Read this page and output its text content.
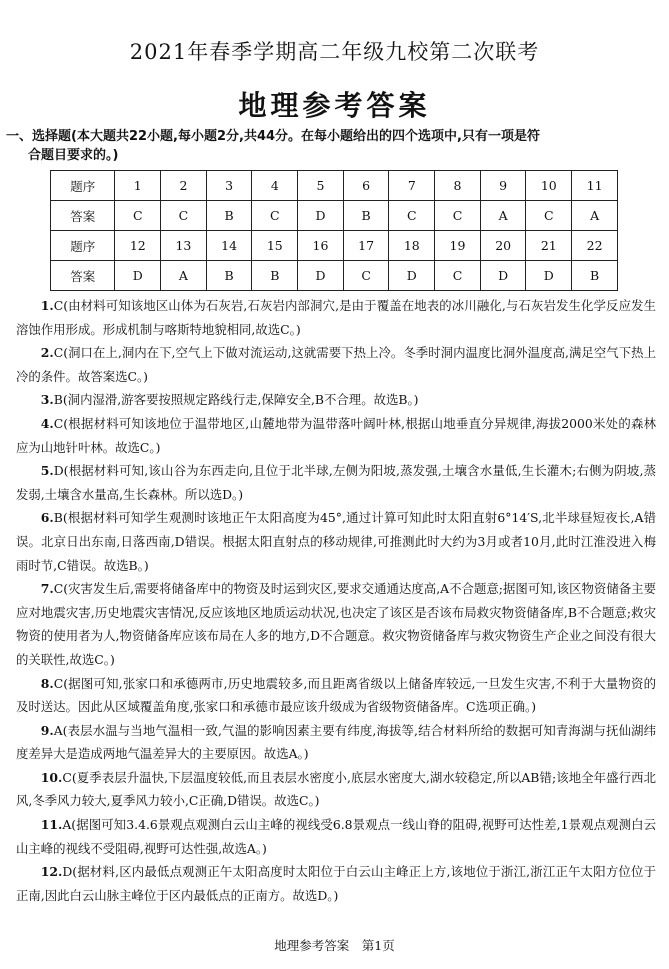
2021年春季学期高二年级九校第二次联考
地理参考答案
一、选择题(本大题共22小题,每小题2分,共44分。在每小题给出的四个选项中,只有一项是符
合题目要求的。)
题序	1	2	3	4	5	6	7	8	9	10	11
答案	C	C	B	C	D	B	C	C	A	C	A
题序	12	13	14	15	16	17	18	19	20	21	22
答案	D	A	B	B	D	C	D	C	D	D	B

1.C(由材料可知该地区山体为石灰岩,石灰岩内部洞穴,是由于覆盖在地表的冰川融化,与石灰岩发生化学反应发生溶蚀作用形成。形成机制与喀斯特地貌相同,故选C。)

2.C(洞口在上,洞内在下,空气上下做对流运动,这就需要下热上冷。冬季时洞内温度比洞外温度高,满足空气下热上冷的条件。故答案选C。)

3.B(洞内湿滑,游客要按照规定路线行走,保障安全,B不合理。故选B。)

4.C(根据材料可知该地位于温带地区,山麓地带为温带落叶阔叶林,根据山地垂直分异规律,海拔2000米处的森林应为山地针叶林。故选C。)

5.D(根据材料可知,该山谷为东西走向,且位于北半球,左侧为阳坡,蒸发强,土壤含水量低,生长灌木;右侧为阴坡,蒸发弱,土壤含水量高,生长森林。所以选D。)

6.B(根据材料可知学生观测时该地正午太阳高度为45°,通过计算可知此时太阳直射6°14′S,北半球昼短夜长,A错误。北京日出东南,日落西南,D错误。根据太阳直射点的移动规律,可推测此时大约为3月或者10月,此时江淮没进入梅雨时节,C错误。故选B。)

7.C(灾害发生后,需要将储备库中的物资及时运到灾区,要求交通通达度高,A不合题意;据图可知,该区物资储备主要应对地震灾害,历史地震灾害情况,反应该地区地质运动状况,也决定了该区是否该布局救灾物资储备库,B不合题意;救灾物资的使用者为人,物资储备库应该布局在人多的地方,D不合题意。救灾物资储备库与救灾物资生产企业之间没有很大的关联性,故选C。)

8.C(据图可知,张家口和承德两市,历史地震较多,而且距离省级以上储备库较远,一旦发生灾害,不利于大量物资的及时送达。因此从区域覆盖角度,张家口和承德市最应该升级成为省级物资储备库。C选项正确。)

9.A(表层水温与当地气温相一致,气温的影响因素主要有纬度,海拔等,结合材料所给的数据可知青海湖与抚仙湖纬度差异大是造成两地气温差异大的主要原因。故选A。)

10.C(夏季表层升温快,下层温度较低,而且表层水密度小,底层水密度大,湖水较稳定,所以AB错;该地全年盛行西北风,冬季风力较大,夏季风力较小,C正确,D错误。故选C。)

11.A(据图可知3.4.6景观点观测白云山主峰的视线受6.8景观点一线山脊的阻碍,视野可达性差,1景观点观测白云山主峰的视线不受阻碍,视野可达性强,故选A。)

12.D(据材料,区内最低点观测正午太阳高度时太阳位于白云山主峰正上方,该地位于浙江,浙江正午太阳方位位于正南,因此白云山脉主峰位于区内最低点的正南方。故选D。)

地理参考答案　第1页
